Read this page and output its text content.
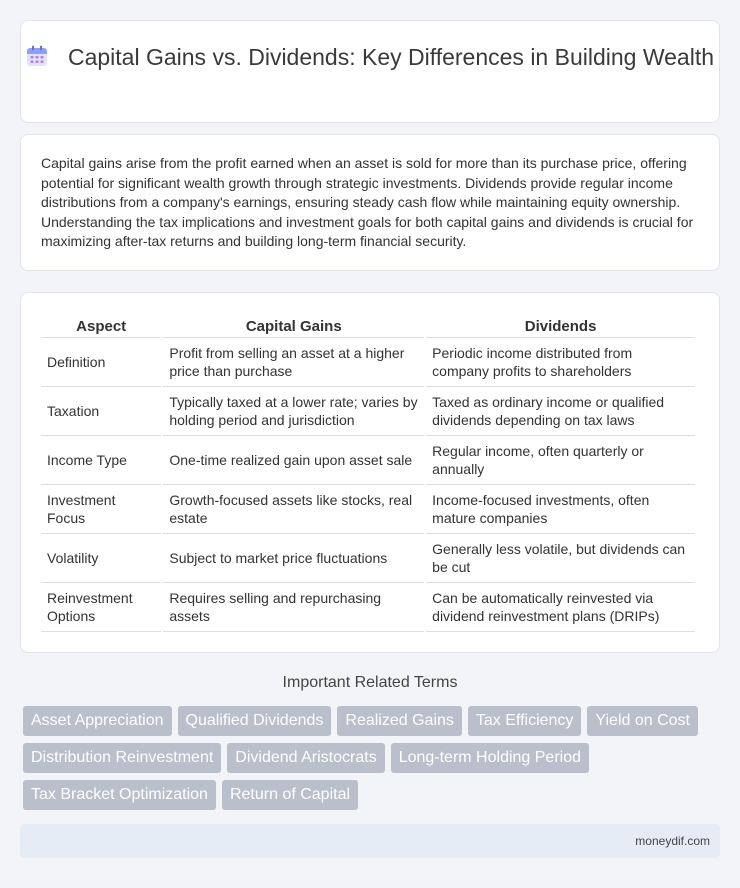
Capital Gains vs. Dividends: Key Differences in Building Wealth

Capital gains arise from the profit earned when an asset is sold for more than its purchase price, offering potential for significant wealth growth through strategic investments. Dividends provide regular income distributions from a company's earnings, ensuring steady cash flow while maintaining equity ownership. Understanding the tax implications and investment goals for both capital gains and dividends is crucial for maximizing after-tax returns and building long-term financial security.

Aspect	Capital Gains	Dividends
Definition	Profit from selling an asset at a higher price than purchase	Periodic income distributed from company profits to shareholders
Taxation	Typically taxed at a lower rate; varies by holding period and jurisdiction	Taxed as ordinary income or qualified dividends depending on tax laws
Income Type	One-time realized gain upon asset sale	Regular income, often quarterly or annually
Investment Focus	Growth-focused assets like stocks, real estate	Income-focused investments, often mature companies
Volatility	Subject to market price fluctuations	Generally less volatile, but dividends can be cut
Reinvestment Options	Requires selling and repurchasing assets	Can be automatically reinvested via dividend reinvestment plans (DRIPs)
Important Related Terms
Asset Appreciation	Qualified Dividends	Realized Gains	Tax Efficiency	Yield on Cost
Distribution Reinvestment	Dividend Aristocrats	Long-term Holding Period
Tax Bracket Optimization	Return of Capital
moneydif.com
